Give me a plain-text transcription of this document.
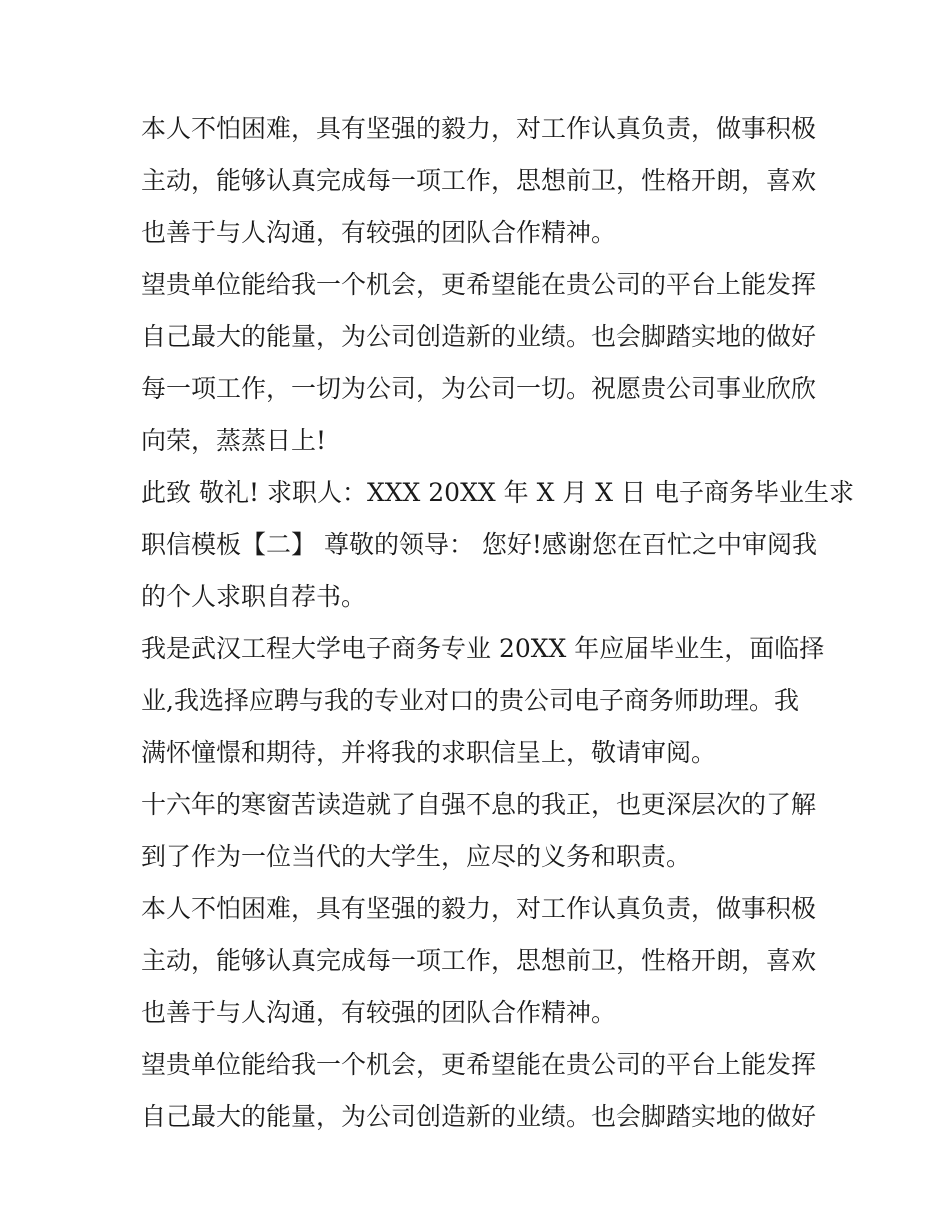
本人不怕困难，具有坚强的毅力，对工作认真负责，做事积极
主动，能够认真完成每一项工作，思想前卫，性格开朗，喜欢
也善于与人沟通，有较强的团队合作精神。
望贵单位能给我一个机会，更希望能在贵公司的平台上能发挥
自己最大的能量，为公司创造新的业绩。也会脚踏实地的做好
每一项工作，一切为公司，为公司一切。祝愿贵公司事业欣欣
向荣，蒸蒸日上!
此致 敬礼! 求职人：XXX 20XX 年 X 月 X 日 电子商务毕业生求
职信模板【二】 尊敬的领导： 您好!感谢您在百忙之中审阅我
的个人求职自荐书。
我是武汉工程大学电子商务专业 20XX 年应届毕业生，面临择
业,我选择应聘与我的专业对口的贵公司电子商务师助理。我
满怀憧憬和期待，并将我的求职信呈上，敬请审阅。
十六年的寒窗苦读造就了自强不息的我正，也更深层次的了解
到了作为一位当代的大学生，应尽的义务和职责。
本人不怕困难，具有坚强的毅力，对工作认真负责，做事积极
主动，能够认真完成每一项工作，思想前卫，性格开朗，喜欢
也善于与人沟通，有较强的团队合作精神。
望贵单位能给我一个机会，更希望能在贵公司的平台上能发挥
自己最大的能量，为公司创造新的业绩。也会脚踏实地的做好
